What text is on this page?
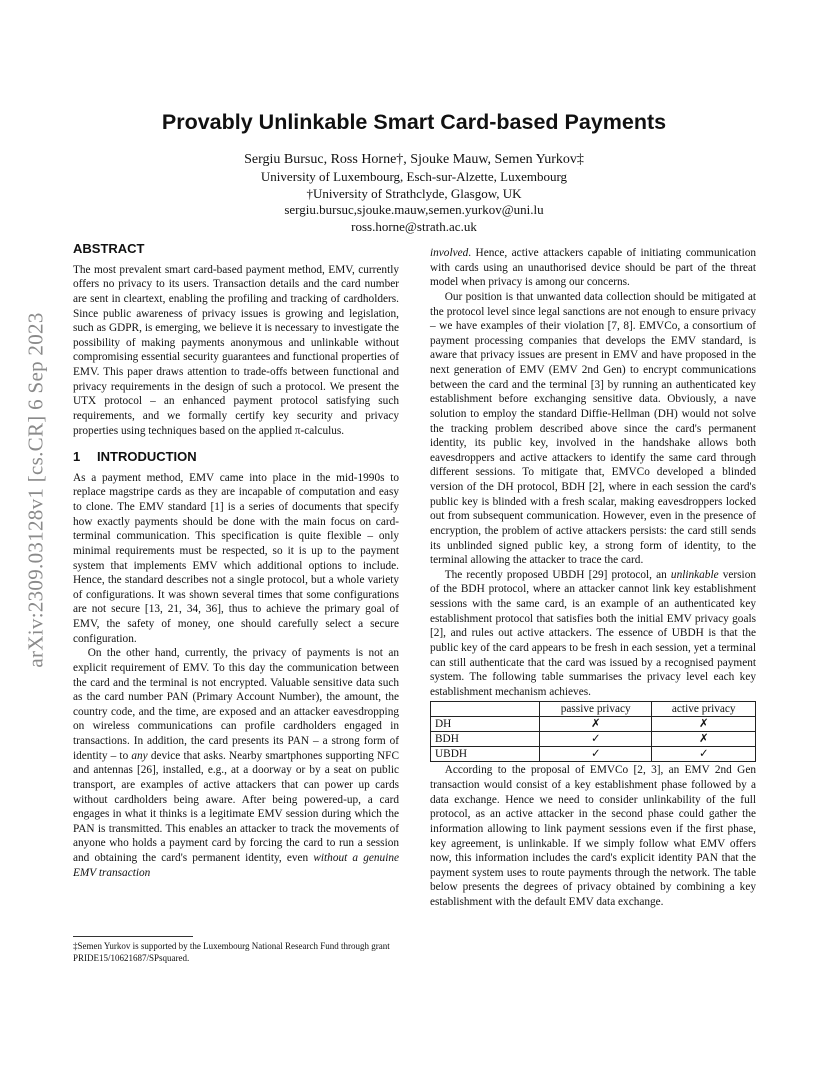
arXiv:2309.03128v1 [cs.CR] 6 Sep 2023
Provably Unlinkable Smart Card-based Payments
Sergiu Bursuc, Ross Horne†, Sjouke Mauw, Semen Yurkov‡
University of Luxembourg, Esch-sur-Alzette, Luxembourg
†University of Strathclyde, Glasgow, UK
sergiu.bursuc,sjouke.mauw,semen.yurkov@uni.lu
ross.horne@strath.ac.uk
ABSTRACT

The most prevalent smart card-based payment method, EMV, currently offers no privacy to its users. Transaction details and the card number are sent in cleartext, enabling the profiling and tracking of cardholders. Since public awareness of privacy issues is growing and legislation, such as GDPR, is emerging, we believe it is necessary to investigate the possibility of making payments anonymous and unlinkable without compromising essential security guarantees and functional properties of EMV. This paper draws attention to trade-offs between functional and privacy requirements in the design of such a protocol. We present the UTX protocol – an enhanced payment protocol satisfying such requirements, and we formally certify key security and privacy properties using techniques based on the applied π-calculus.

1 INTRODUCTION

As a payment method, EMV came into place in the mid-1990s to replace magstripe cards as they are incapable of computation and easy to clone. The EMV standard [1] is a series of documents that specify how exactly payments should be done with the main focus on card-terminal communication. This specification is quite flexible – only minimal requirements must be respected, so it is up to the payment system that implements EMV which additional options to include. Hence, the standard describes not a single protocol, but a whole variety of configurations. It was shown several times that some configurations are not secure [13, 21, 34, 36], thus to achieve the primary goal of EMV, the safety of money, one should carefully select a secure configuration.

On the other hand, currently, the privacy of payments is not an explicit requirement of EMV. To this day the communication between the card and the terminal is not encrypted. Valuable sensitive data such as the card number PAN (Primary Account Number), the amount, the country code, and the time, are exposed and an attacker eavesdropping on wireless communications can profile cardholders engaged in transactions. In addition, the card presents its PAN – a strong form of identity – to any device that asks. Nearby smartphones supporting NFC and antennas [26], installed, e.g., at a doorway or by a seat on public transport, are examples of active attackers that can power up cards without cardholders being aware. After being powered-up, a card engages in what it thinks is a legitimate EMV session during which the PAN is transmitted. This enables an attacker to track the movements of anyone who holds a payment card by forcing the card to run a session and obtaining the card's permanent identity, even without a genuine EMV transaction

involved. Hence, active attackers capable of initiating communication with cards using an unauthorised device should be part of the threat model when privacy is among our concerns.

Our position is that unwanted data collection should be mitigated at the protocol level since legal sanctions are not enough to ensure privacy – we have examples of their violation [7, 8]. EMVCo, a consortium of payment processing companies that develops the EMV standard, is aware that privacy issues are present in EMV and have proposed in the next generation of EMV (EMV 2nd Gen) to encrypt communications between the card and the terminal [3] by running an authenticated key establishment before exchanging sensitive data. Obviously, a nave solution to employ the standard Diffie-Hellman (DH) would not solve the tracking problem described above since the card's permanent identity, its public key, involved in the handshake allows both eavesdroppers and active attackers to identify the same card through different sessions. To mitigate that, EMVCo developed a blinded version of the DH protocol, BDH [2], where in each session the card's public key is blinded with a fresh scalar, making eavesdroppers locked out from subsequent communication. However, even in the presence of encryption, the problem of active attackers persists: the card still sends its unblinded signed public key, a strong form of identity, to the terminal allowing the attacker to trace the card.

The recently proposed UBDH [29] protocol, an unlinkable version of the BDH protocol, where an attacker cannot link key establishment sessions with the same card, is an example of an authenticated key establishment protocol that satisfies both the initial EMV privacy goals [2], and rules out active attackers. The essence of UBDH is that the public key of the card appears to be fresh in each session, yet a terminal can still authenticate that the card was issued by a recognised payment system. The following table summarises the privacy level each key establishment mechanism achieves.

	passive privacy	active privacy
DH	✗	✗
BDH	✓	✗
UBDH	✓	✓

According to the proposal of EMVCo [2, 3], an EMV 2nd Gen transaction would consist of a key establishment phase followed by a data exchange. Hence we need to consider unlinkability of the full protocol, as an active attacker in the second phase could gather the information allowing to link payment sessions even if the first phase, key agreement, is unlinkable. If we simply follow what EMV offers now, this information includes the card's explicit identity PAN that the payment system uses to route payments through the network. The table below presents the degrees of privacy obtained by combining a key establishment with the default EMV data exchange.

‡Semen Yurkov is supported by the Luxembourg National Research Fund through grant PRIDE15/10621687/SPsquared.
